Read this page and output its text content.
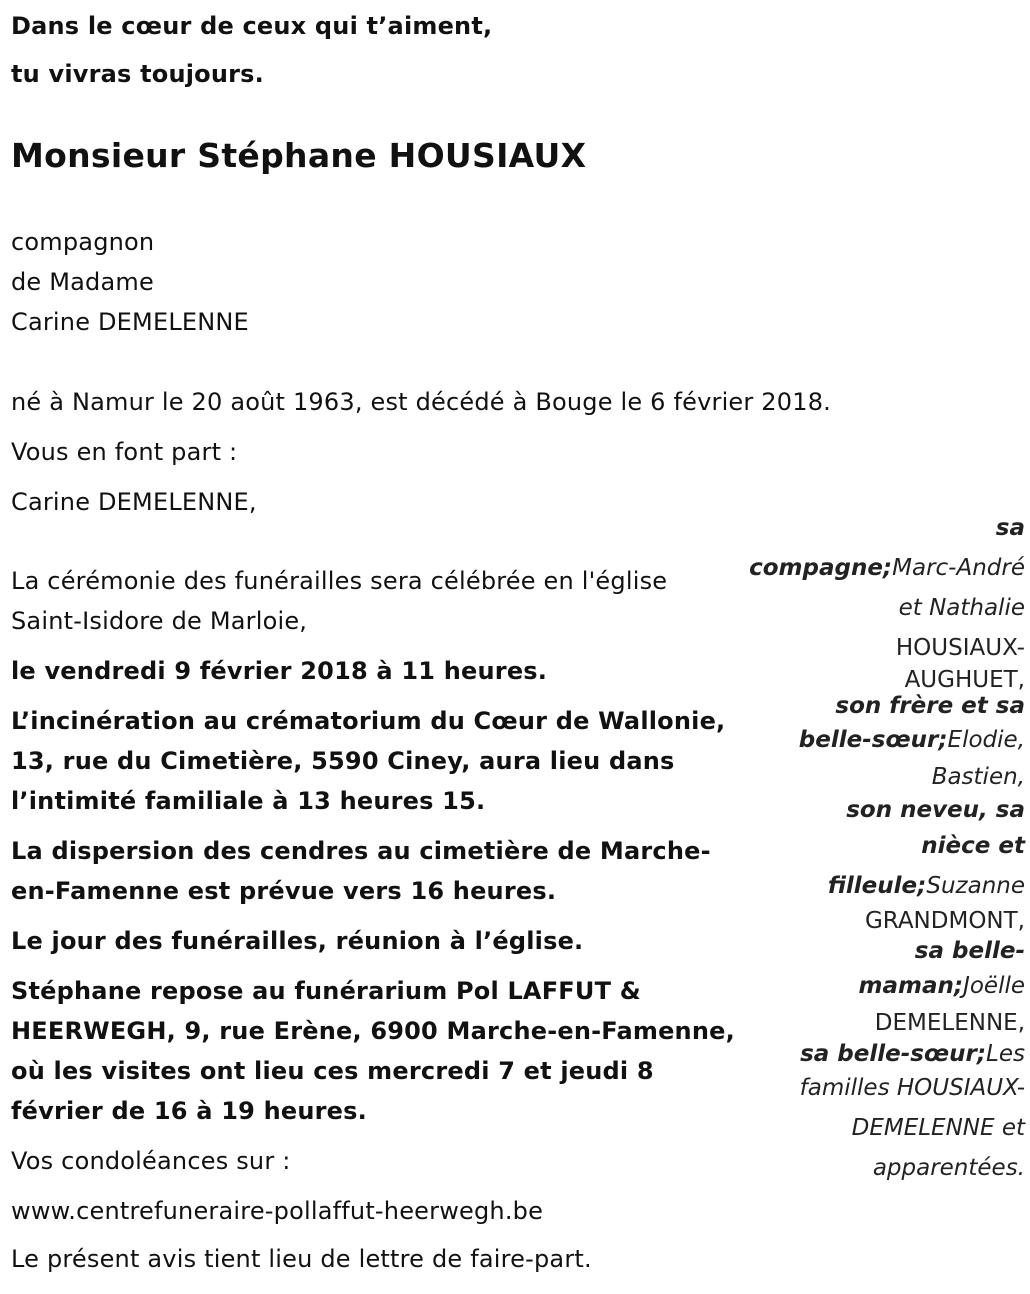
Dans le cœur de ceux qui t’aiment,
tu vivras toujours.
Monsieur Stéphane HOUSIAUX
compagnon
de Madame
Carine DEMELENNE
né à Namur le 20 août 1963, est décédé à Bouge le 6 février 2018.
Vous en font part :
Carine DEMELENNE,
La cérémonie des funérailles sera célébrée en l'église
Saint-Isidore de Marloie,
le vendredi 9 février 2018 à 11 heures.
L’incinération au crématorium du Cœur de Wallonie,
13, rue du Cimetière, 5590 Ciney, aura lieu dans
l’intimité familiale à 13 heures 15.
La dispersion des cendres au cimetière de Marche-
en-Famenne est prévue vers 16 heures.
Le jour des funérailles, réunion à l’église.
Stéphane repose au funérarium Pol LAFFUT &
HEERWEGH, 9, rue Erène, 6900 Marche-en-Famenne,
où les visites ont lieu ces mercredi 7 et jeudi 8
février de 16 à 19 heures.
Vos condoléances sur :
www.centrefuneraire-pollaffut-heerwegh.be
Le présent avis tient lieu de lettre de faire-part.
sa
compagne;Marc-André
et Nathalie
HOUSIAUX-
AUGHUET,
son frère et sa
belle-sœur;Elodie,
Bastien,
son neveu, sa
nièce et
filleule;Suzanne
GRANDMONT,
sa belle-
maman;Joëlle
DEMELENNE,
sa belle-sœur;Les
familles HOUSIAUX-
DEMELENNE et
apparentées.
